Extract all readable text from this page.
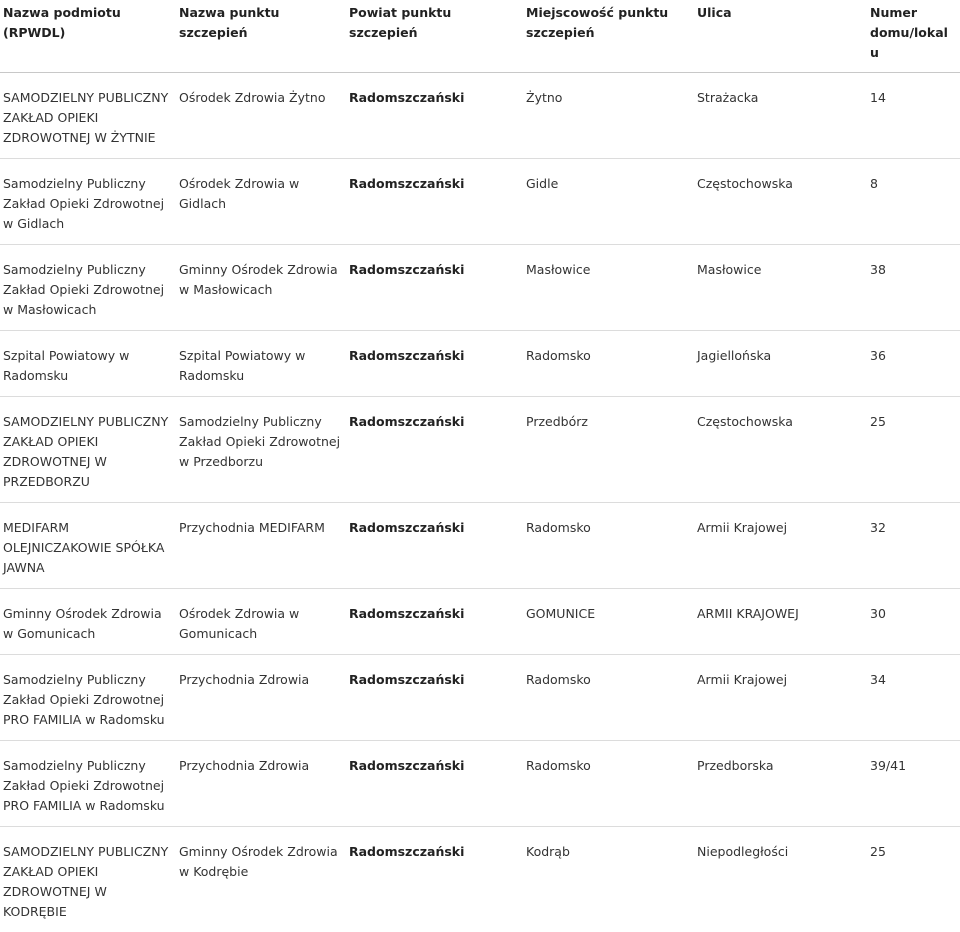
Nazwa podmiotu (RPWDL)	Nazwa punktu szczepień	Powiat punktu szczepień	Miejscowość punktu szczepień	Ulica	Numer domu/lokalu
SAMODZIELNY PUBLICZNY ZAKŁAD OPIEKI ZDROWOTNEJ W ŻYTNIE	Ośrodek Zdrowia Żytno	Radomszczański	Żytno	Strażacka	14
Samodzielny Publiczny Zakład Opieki Zdrowotnej w Gidlach	Ośrodek Zdrowia w Gidlach	Radomszczański	Gidle	Częstochowska	8
Samodzielny Publiczny Zakład Opieki Zdrowotnej w Masłowicach	Gminny Ośrodek Zdrowia w Masłowicach	Radomszczański	Masłowice	Masłowice	38
Szpital Powiatowy w Radomsku	Szpital Powiatowy w Radomsku	Radomszczański	Radomsko	Jagiellońska	36
SAMODZIELNY PUBLICZNY ZAKŁAD OPIEKI ZDROWOTNEJ W PRZEDBORZU	Samodzielny Publiczny Zakład Opieki Zdrowotnej w Przedborzu	Radomszczański	Przedbórz	Częstochowska	25
MEDIFARM OLEJNICZAKOWIE SPÓŁKA JAWNA	Przychodnia MEDIFARM	Radomszczański	Radomsko	Armii Krajowej	32
Gminny Ośrodek Zdrowia w Gomunicach	Ośrodek Zdrowia w Gomunicach	Radomszczański	GOMUNICE	ARMII KRAJOWEJ	30
Samodzielny Publiczny Zakład Opieki Zdrowotnej PRO FAMILIA w Radomsku	Przychodnia Zdrowia	Radomszczański	Radomsko	Armii Krajowej	34
Samodzielny Publiczny Zakład Opieki Zdrowotnej PRO FAMILIA w Radomsku	Przychodnia Zdrowia	Radomszczański	Radomsko	Przedborska	39/41
SAMODZIELNY PUBLICZNY ZAKŁAD OPIEKI ZDROWOTNEJ W KODRĘBIE	Gminny Ośrodek Zdrowia w Kodrębie	Radomszczański	Kodrąb	Niepodległości	25
